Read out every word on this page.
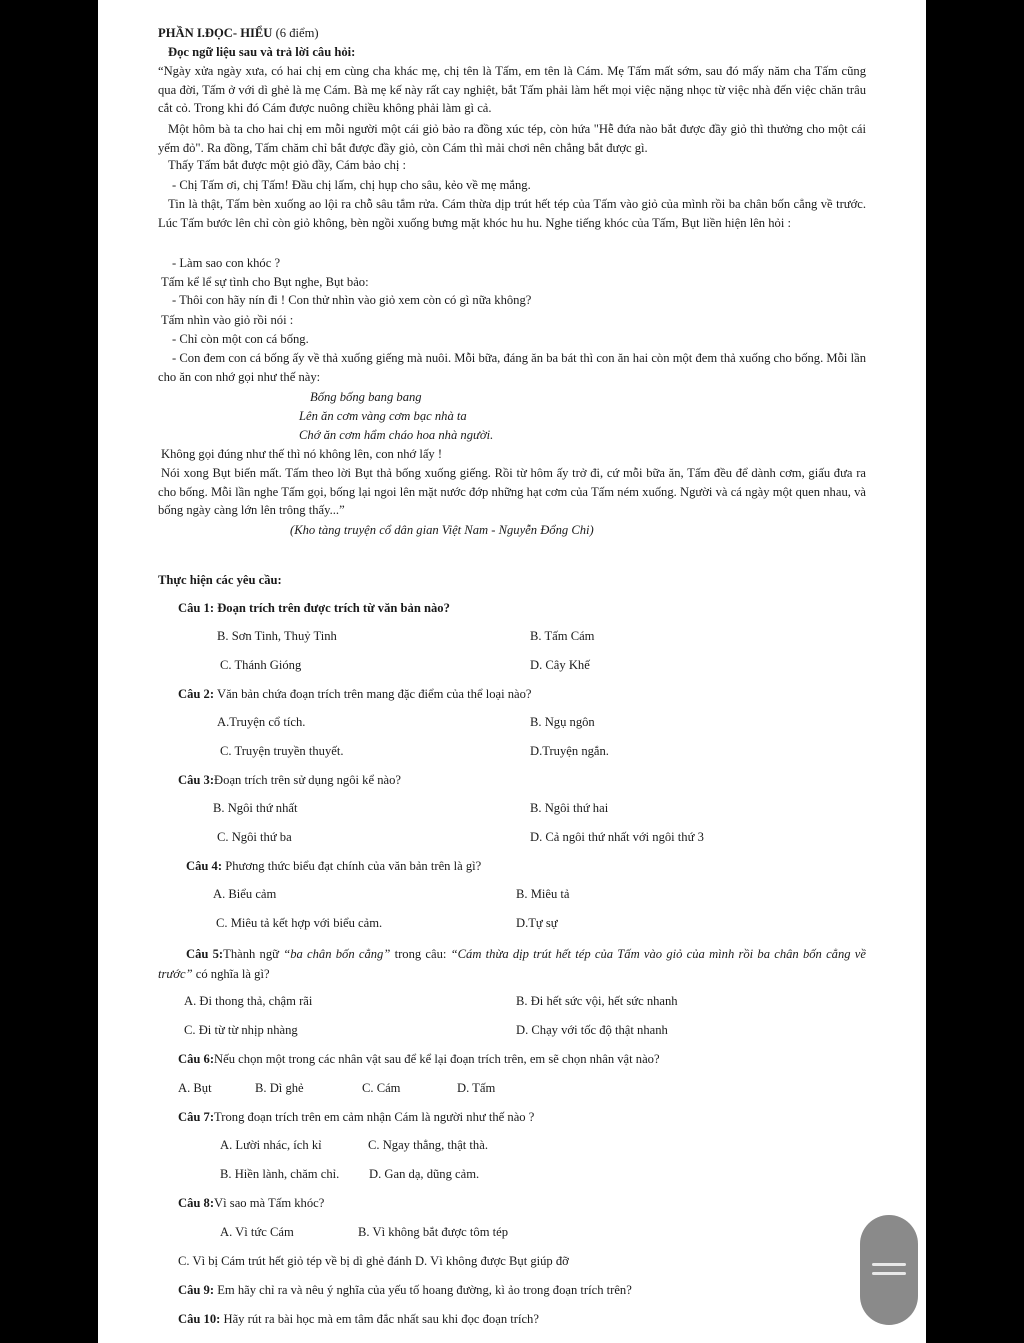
PHẦN I.ĐỌC- HIỂU (6 điểm)
Đọc ngữ liệu sau và trả lời câu hỏi:
“Ngày xửa ngày xưa, có hai chị em cùng cha khác mẹ, chị tên là Tấm, em tên là Cám. Mẹ Tấm mất sớm, sau đó mấy năm cha Tấm cũng qua đời, Tấm ở với dì ghẻ là mẹ Cám. Bà mẹ kế này rất cay nghiệt, bắt Tấm phải làm hết mọi việc nặng nhọc từ việc nhà đến việc chăn trâu cắt cỏ. Trong khi đó Cám được nuông chiều không phải làm gì cả.
Một hôm bà ta cho hai chị em mỗi người một cái giỏ bảo ra đồng xúc tép, còn hứa "Hễ đứa nào bắt được đầy giỏ thì thưởng cho một cái yếm đỏ". Ra đồng, Tấm chăm chỉ bắt được đầy giỏ, còn Cám thì mải chơi nên chẳng bắt được gì.
Thấy Tấm bắt được một giỏ đầy, Cám bảo chị :
- Chị Tấm ơi, chị Tấm! Đầu chị lấm, chị hụp cho sâu, kẻo về mẹ mắng.
Tin là thật, Tấm bèn xuống ao lội ra chỗ sâu tắm rửa. Cám thừa dịp trút hết tép của Tấm vào giỏ của mình rồi ba chân bốn cẳng về trước. Lúc Tấm bước lên chỉ còn giỏ không, bèn ngồi xuống bưng mặt khóc hu hu. Nghe tiếng khóc của Tấm, Bụt liền hiện lên hỏi :
- Làm sao con khóc ?
Tấm kể lể sự tình cho Bụt nghe, Bụt bảo:
- Thôi con hãy nín đi ! Con thử nhìn vào giỏ xem còn có gì nữa không?
Tấm nhìn vào giỏ rồi nói :
- Chỉ còn một con cá bống.
- Con đem con cá bống ấy về thả xuống giếng mà nuôi. Mỗi bữa, đáng ăn ba bát thì con ăn hai còn một đem thả xuống cho bống. Mỗi lần cho ăn con nhớ gọi như thế này:
Bống bống bang bang
Lên ăn cơm vàng cơm bạc nhà ta
Chớ ăn cơm hẩm cháo hoa nhà người.
Không gọi đúng như thế thì nó không lên, con nhớ lấy !
Nói xong Bụt biến mất. Tấm theo lời Bụt thả bống xuống giếng. Rồi từ hôm ấy trở đi, cứ mỗi bữa ăn, Tấm đều để dành cơm, giấu đưa ra cho bống. Mỗi lần nghe Tấm gọi, bống lại ngoi lên mặt nước đớp những hạt cơm của Tấm ném xuống. Người và cá ngày một quen nhau, và bống ngày càng lớn lên trông thấy...”
(Kho tàng truyện cổ dân gian Việt Nam - Nguyễn Đổng Chi)
Thực hiện các yêu cầu:
Câu 1: Đoạn trích trên được trích từ văn bản nào?
B. Sơn Tinh, Thuỷ Tinh	B. Tấm Cám
C. Thánh Gióng	D. Cây Khế
Câu 2: Văn bản chứa đoạn trích trên mang đặc điểm của thể loại nào?
A.Truyện cổ tích.	B. Ngụ ngôn
C. Truyện truyền thuyết.	D.Truyện ngắn.
Câu 3:Đoạn trích trên sử dụng ngôi kể nào?
B. Ngôi thứ nhất	B. Ngôi thứ hai
C. Ngôi thứ ba	D. Cả ngôi thứ nhất với ngôi thứ 3
Câu 4: Phương thức biểu đạt chính của văn bản trên là gì?
A. Biểu cảm	B. Miêu tả
C. Miêu tả kết hợp với biểu cảm.	D.Tự sự
Câu 5:Thành ngữ “ba chân bốn cẳng” trong câu: “Cám thừa dịp trút hết tép của Tấm vào giỏ của mình rồi ba chân bốn cẳng về trước” có nghĩa là gì?
A. Đi thong thả, chậm rãi	B. Đi hết sức vội, hết sức nhanh
C. Đi từ từ nhịp nhàng	D. Chạy với tốc độ thật nhanh
Câu 6:Nếu chọn một trong các nhân vật sau để kể lại đoạn trích trên, em sẽ chọn nhân vật nào?
A. Bụt	B. Dì ghẻ	C. Cám	D. Tấm
Câu 7:Trong đoạn trích trên em cảm nhận Cám là người như thế nào ?
A. Lười nhác, ích kỉ	C. Ngay thẳng, thật thà.
B. Hiền lành, chăm chỉ. D. Gan dạ, dũng cảm.
Câu 8:Vì sao mà Tấm khóc?
A. Vì tức Cám	B. Vì không bắt được tôm tép
C. Vì bị Cám trút hết giỏ tép về bị dì ghẻ đánh D. Vì không được Bụt giúp đỡ
Câu 9: Em hãy chỉ ra và nêu ý nghĩa của yếu tố hoang đường, kì ảo trong đoạn trích trên?
Câu 10: Hãy rút ra bài học mà em tâm đắc nhất sau khi đọc đoạn trích?
